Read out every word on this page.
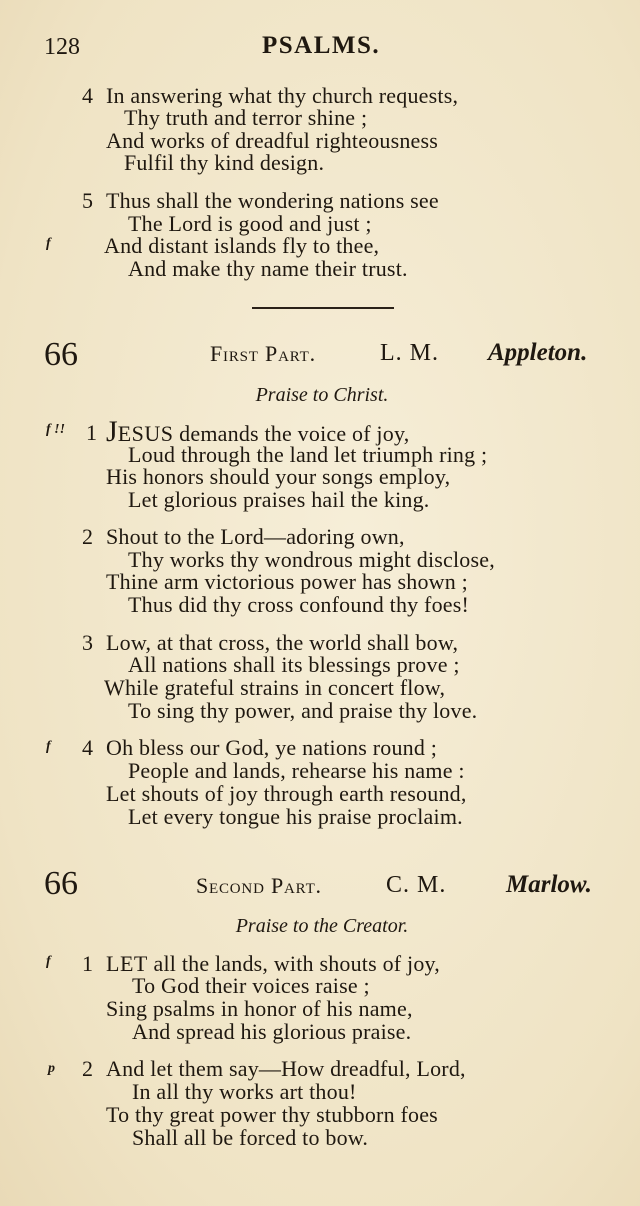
128	PSALMS.
4 In answering what thy church requests,
Thy truth and terror shine ;
And works of dreadful righteousness
Fulfil thy kind design.
5 Thus shall the wondering nations see
The Lord is good and just ;
f And distant islands fly to thee,
And make thy name their trust.
66	First Part.	L. M. Appleton.
Praise to Christ.
f !! 1 JESUS demands the voice of joy,
Loud through the land let triumph ring ;
His honors should your songs employ,
Let glorious praises hail the king.
2 Shout to the Lord—adoring own,
Thy works thy wondrous might disclose,
Thine arm victorious power has shown ;
Thus did thy cross confound thy foes!
3 Low, at that cross, the world shall bow,
All nations shall its blessings prove ;
While grateful strains in concert flow,
To sing thy power, and praise thy love.
f 4 Oh bless our God, ye nations round ;
People and lands, rehearse his name :
Let shouts of joy through earth resound,
Let every tongue his praise proclaim.
66	Second Part.	C. M. Marlow.
Praise to the Creator.
f 1 LET all the lands, with shouts of joy,
To God their voices raise ;
Sing psalms in honor of his name,
And spread his glorious praise.
p 2 And let them say—How dreadful, Lord,
In all thy works art thou!
To thy great power thy stubborn foes
Shall all be forced to bow.
